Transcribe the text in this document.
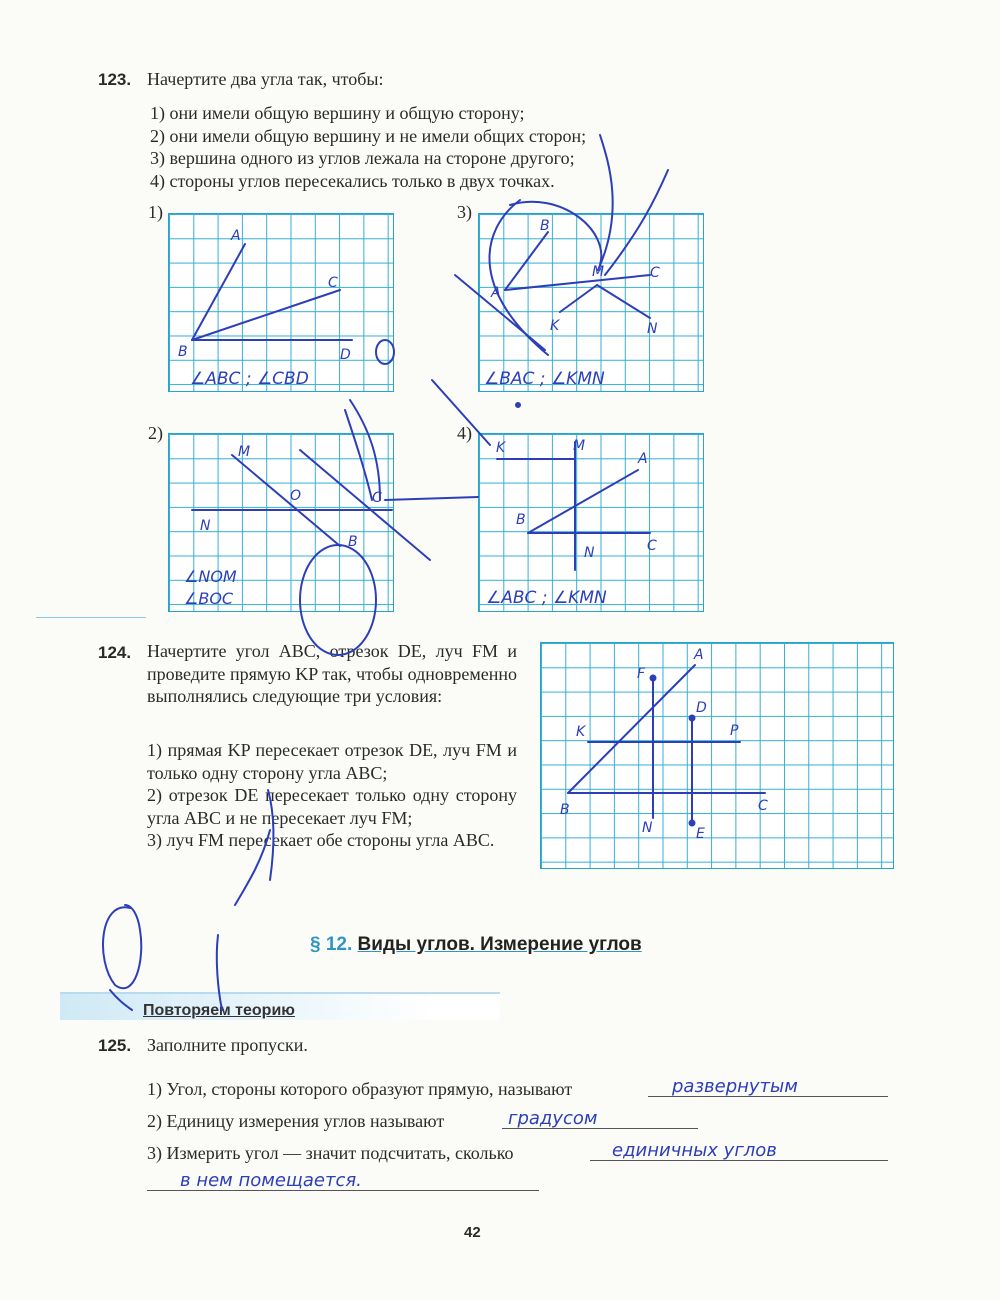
123. Начертите два угла так, чтобы:
1) они имели общую вершину и общую сторону;
2) они имели общую вершину и не имели общих сторон;
3) вершина одного из углов лежала на стороне другого;
4) стороны углов пересекались только в двух точках.
1)	3)
2)	4)
124. Начертите угол ABC, отрезок DE, луч FM и проведите прямую KP так, чтобы одновременно выполнялись следующие три условия:
1) прямая KP пересекает отрезок DE, луч FM и только одну сторону угла ABC;
2) отрезок DE пересекает только одну сторону угла ABC и не пересекает луч FM;
3) луч FM пересекает обе стороны угла ABC.
§ 12. Виды углов. Измерение углов
Повторяем теорию
125. Заполните пропуски.
1) Угол, стороны которого образуют прямую, называют
2) Единицу измерения углов называют
3) Измерить угол — значит подсчитать, сколько
42
A
B
C
D
∠ABC ; ∠CBD
B
A
M	C
K	N
∠BAC ; ∠KMN
M
O
N
B
C
∠NOM
∠BOC
K	M
A
B
N	C
∠ABC ; ∠KMN
F
A
D
K	P
B	C
N	E
развернутым
градусом
единичных углов
в нем помещается.
